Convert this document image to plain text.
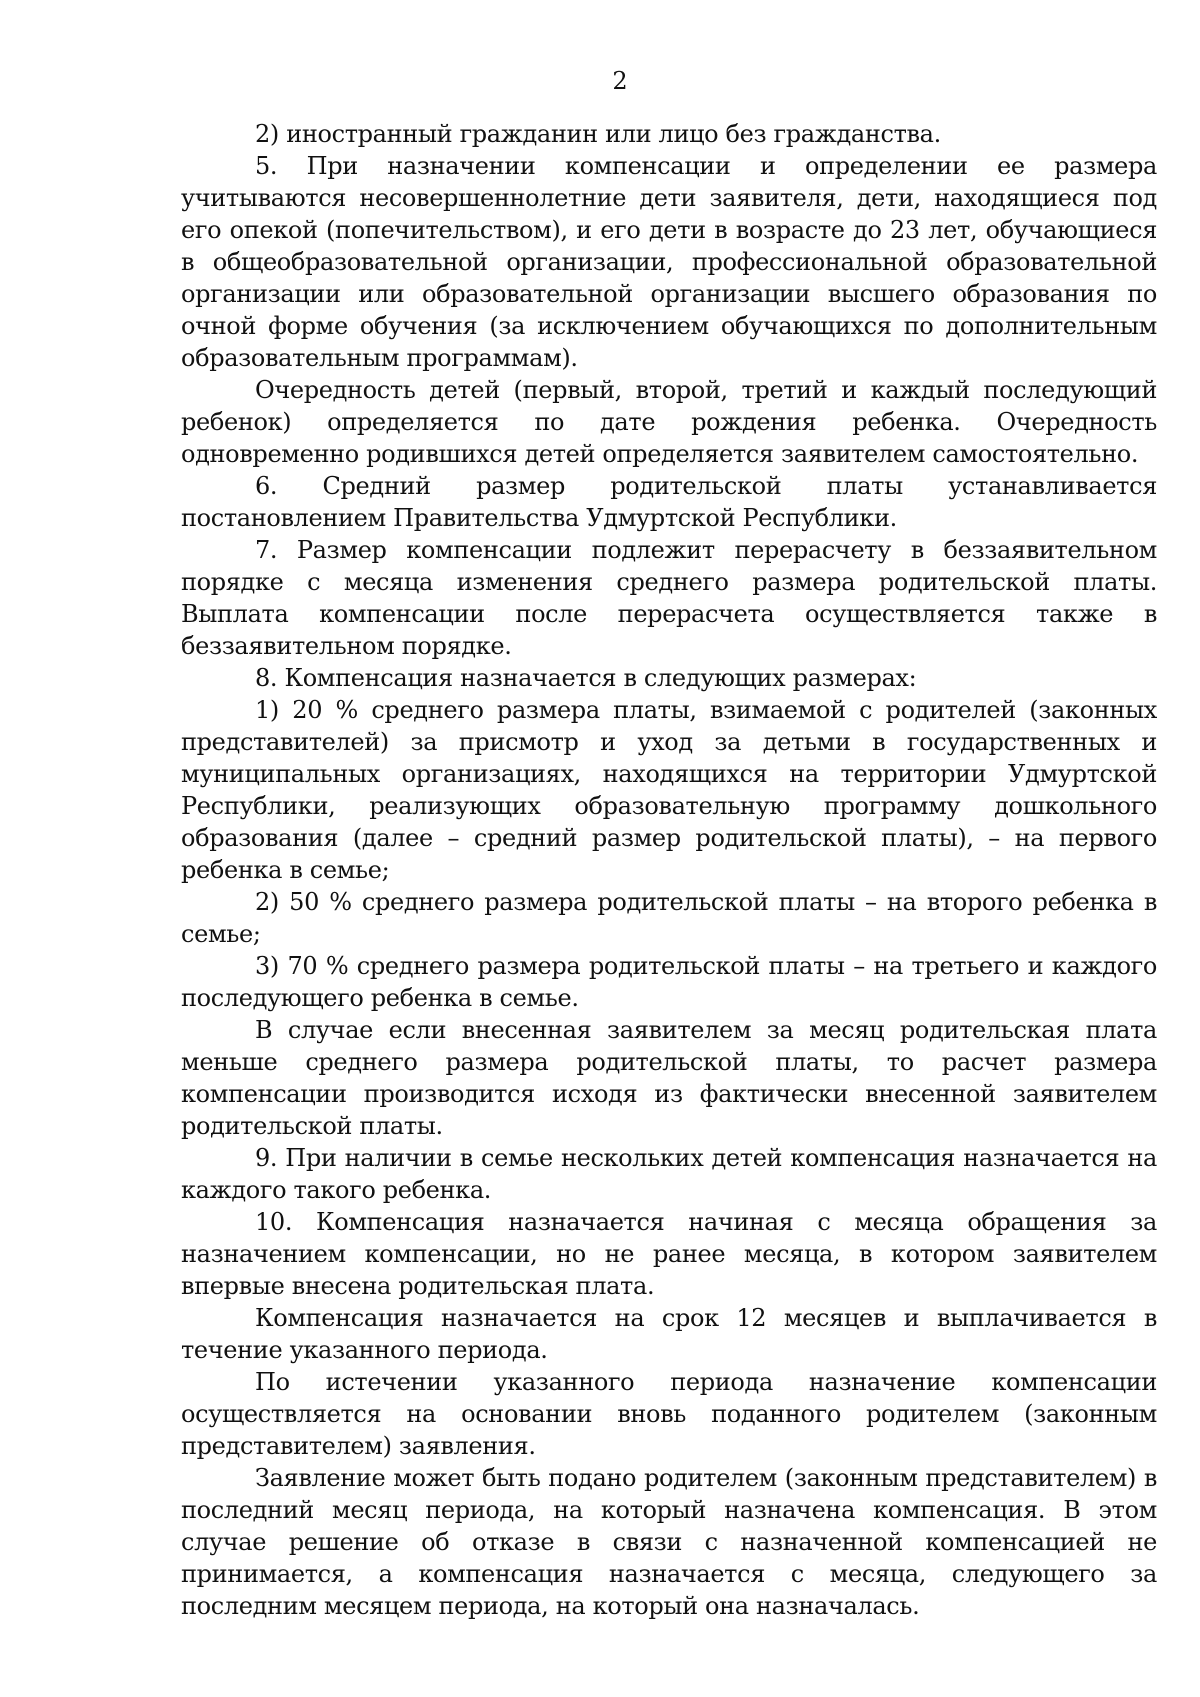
2

2) иностранный гражданин или лицо без гражданства.

5. При назначении компенсации и определении ее размера учитываются несовершеннолетние дети заявителя, дети, находящиеся под его опекой (попечительством), и его дети в возрасте до 23 лет, обучающиеся в общеобразовательной организации, профессиональной образовательной организации или образовательной организации высшего образования по очной форме обучения (за исключением обучающихся по дополнительным образовательным программам).

Очередность детей (первый, второй, третий и каждый последующий ребенок) определяется по дате рождения ребенка. Очередность одновременно родившихся детей определяется заявителем самостоятельно.

6. Средний размер родительской платы устанавливается постановлением Правительства Удмуртской Республики.

7. Размер компенсации подлежит перерасчету в беззаявительном порядке с месяца изменения среднего размера родительской платы. Выплата компенсации после перерасчета осуществляется также в беззаявительном порядке.

8. Компенсация назначается в следующих размерах:

1) 20 % среднего размера платы, взимаемой с родителей (законных представителей) за присмотр и уход за детьми в государственных и муниципальных организациях, находящихся на территории Удмуртской Республики, реализующих образовательную программу дошкольного образования (далее – средний размер родительской платы), – на первого ребенка в семье;

2) 50 % среднего размера родительской платы – на второго ребенка в семье;

3) 70 % среднего размера родительской платы – на третьего и каждого последующего ребенка в семье.

В случае если внесенная заявителем за месяц родительская плата меньше среднего размера родительской платы, то расчет размера компенсации производится исходя из фактически внесенной заявителем родительской платы.

9. При наличии в семье нескольких детей компенсация назначается на каждого такого ребенка.

10. Компенсация назначается начиная с месяца обращения за назначением компенсации, но не ранее месяца, в котором заявителем впервые внесена родительская плата.

Компенсация назначается на срок 12 месяцев и выплачивается в течение указанного периода.

По истечении указанного периода назначение компенсации осуществляется на основании вновь поданного родителем (законным представителем) заявления.

Заявление может быть подано родителем (законным представителем) в последний месяц периода, на который назначена компенсация. В этом случае решение об отказе в связи с назначенной компенсацией не принимается, а компенсация назначается с месяца, следующего за последним месяцем периода, на который она назначалась.
